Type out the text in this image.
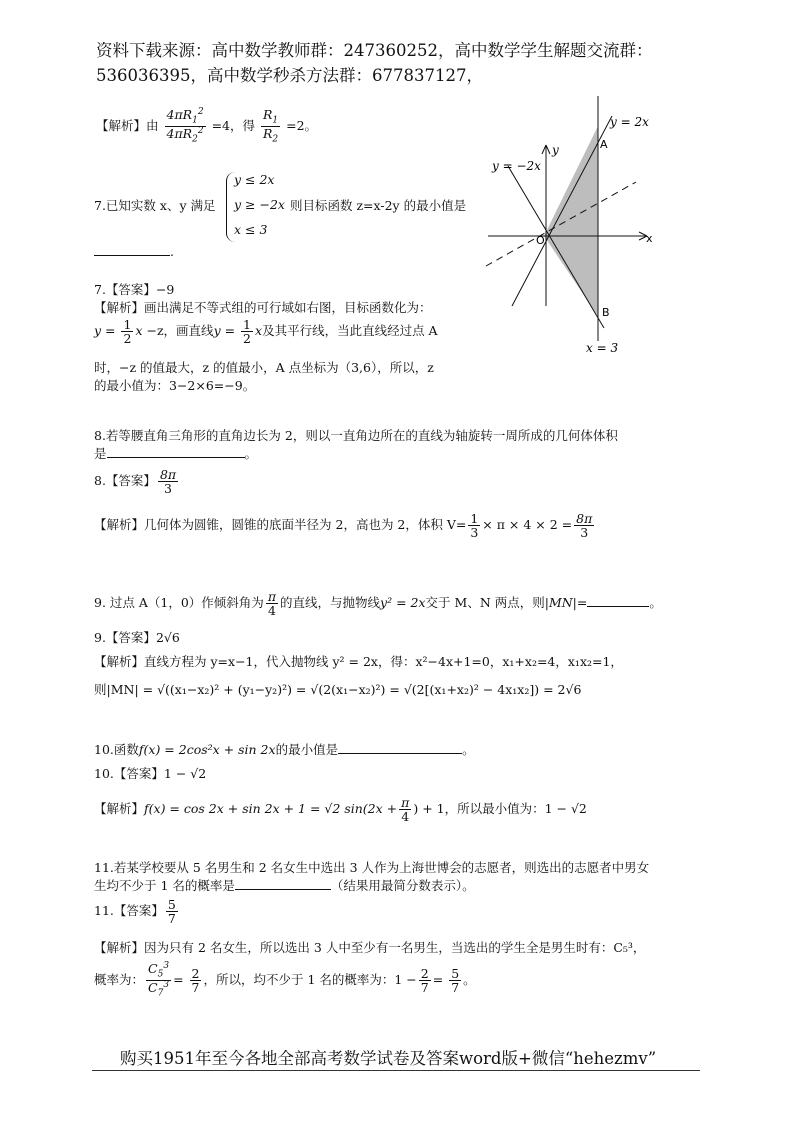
资料下载来源：高中数学教师群：247360252，高中数学学生解题交流群：
536036395，高中数学秒杀方法群：677837127，
【解析】由 $\frac{4\pi R_1^2}{4\pi R_2^2} =4$，得 $\frac{R_1}{R_2} =2$。	y = 2x
y = −2x
y
x
O
A
B
x = 3
7.已知实数 x、y 满足
y ≤ 2x
y ≥ −2x
x ≤ 3
则目标函数 z=x-2y 的最小值是
.
7.【答案】−9
【解析】画出满足不等式组的可行域如右图，目标函数化为：
$y = \frac{1}{2}$ x −z，画直线$y = \frac{1}{2}$ x及其平行线，当此直线经过点 A
时，−z 的值最大，z 的值最小，A 点坐标为（3,6），所以，z
的最小值为：3−2×6=−9。
8.若等腰直角三角形的直角边长为 2，则以一直角边所在的直线为轴旋转一周所成的几何体体积
是	。
8.【答案】 $\frac{8\pi}{3}$
【解析】几何体为圆锥，圆锥的底面半径为 2，高也为 2，体积 $V= \frac{1}{3} \times \pi \times 4 \times 2 = \frac{8\pi}{3}$
9. 过点 A（1，0）作倾斜角为 $\frac{\pi}{4}$ 的直线，与抛物线y² = 2x交于 M、N 两点，则|MN|=	。
9.【答案】2√6
【解析】直线方程为 y=x−1，代入抛物线 y² = 2x，得：x²−4x+1=0，x₁+x₂=4，x₁x₂=1，
则|MN| = √((x₁−x₂)² + (y₁−y₂)²) = √(2(x₁−x₂)²) = √(2[(x₁+x₂)² − 4x₁x₂]) = 2√6
10.函数f(x) = 2cos²x + sin 2x的最小值是	。
10.【答案】1 − √2
【解析】f(x) = cos 2x + sin 2x + 1 = √2 $\sin(2x + \frac{\pi}{4}$ ) + 1，所以最小值为：1 − √2
11.若某学校要从 5 名男生和 2 名女生中选出 3 人作为上海世博会的志愿者，则选出的志愿者中男女
生均不少于 1 名的概率是	（结果用最简分数表示）。
11.【答案】 $\frac{5}{7}$
【解析】因为只有 2 名女生，所以选出 3 人中至少有一名男生，当选出的学生全是男生时有：C₅³，
概率为： $\frac{C_5^3}{C_7^3} = \frac{2}{7}$ ，所以，均不少于 1 名的概率为：$1 - \frac{2}{7} = \frac{5}{7}$ 。
购买1951年至今各地全部高考数学试卷及答案word版+微信“hehezmv”
